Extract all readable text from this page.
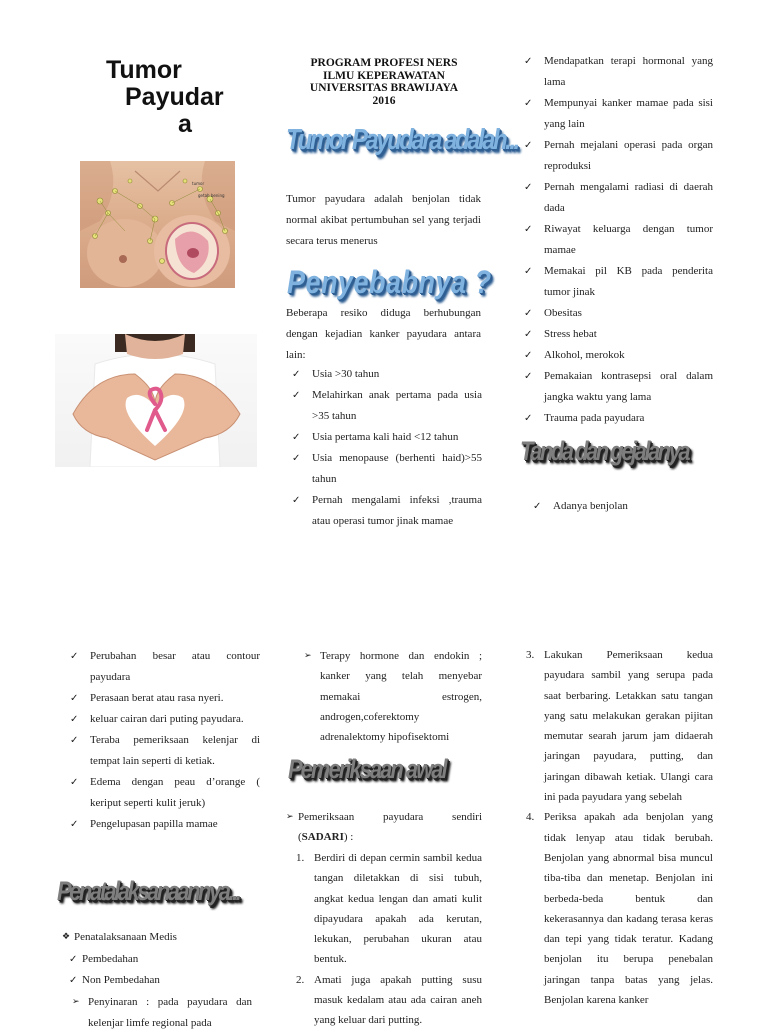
Tumor
Payudar
a
tumor
getah bening
PROGRAM PROFESI NERS
ILMU KEPERAWATAN
UNIVERSITAS BRAWIJAYA
2016
Tumor Payudara adalah...
Tumor payudara adalah benjolan tidak normal akibat pertumbuhan sel yang terjadi secara terus menerus
Penyebabnya ?
Beberapa resiko diduga berhubungan dengan kejadian kanker payudara antara lain:
✓ Usia >30 tahun
✓ Melahirkan anak pertama pada usia >35 tahun
✓ Usia pertama kali haid <12 tahun
✓ Usia menopause (berhenti haid)>55 tahun
✓ Pernah mengalami infeksi ,trauma atau operasi tumor jinak mamae
✓ Mendapatkan terapi hormonal yang lama
✓ Mempunyai kanker mamae pada sisi yang lain
✓ Pernah mejalani operasi pada organ reproduksi
✓ Pernah mengalami radiasi di daerah dada
✓ Riwayat keluarga dengan tumor mamae
✓ Memakai pil KB pada penderita tumor jinak
✓ Obesitas
✓ Stress hebat
✓ Alkohol, merokok
✓ Pemakaian kontrasepsi oral dalam jangka waktu yang lama
✓ Trauma pada payudara
Tanda dan gejalanya
✓ Adanya benjolan
✓ Perubahan besar atau contour payudara
✓ Perasaan berat atau rasa nyeri.
✓ keluar cairan dari puting payudara.
✓ Teraba pemeriksaan kelenjar di tempat lain seperti di ketiak.
✓ Edema dengan peau d’orange ( keriput seperti kulit jeruk)
✓ Pengelupasan papilla mamae
Penatalaksanaannya...
❖ Penatalaksanaan Medis
✓ Pembedahan
✓ Non Pembedahan
➢ Penyinaran : pada payudara dan kelenjar limfe regional pada
➢ Terapy hormone dan endokin ; kanker yang telah menyebar memakai estrogen, androgen,coferektomy adrenalektomy hipofisektomi
Pemeriksaan awal
➢ Pemeriksaan payudara sendiri (SADARI) :
1. Berdiri di depan cermin sambil kedua tangan diletakkan di sisi tubuh, angkat kedua lengan dan amati kulit dipayudara apakah ada kerutan, lekukan, perubahan ukuran atau bentuk.
2. Amati juga apakah putting susu masuk kedalam atau ada cairan aneh yang keluar dari putting.
3. Lakukan Pemeriksaan kedua payudara sambil yang serupa pada saat berbaring. Letakkan satu tangan yang satu melakukan gerakan pijitan memutar searah jarum jam didaerah jaringan payudara, putting, dan jaringan dibawah ketiak. Ulangi cara ini pada payudara yang sebelah
4. Periksa apakah ada benjolan yang tidak lenyap atau tidak berubah. Benjolan yang abnormal bisa muncul tiba-tiba dan menetap. Benjolan ini berbeda-beda bentuk dan kekerasannya dan kadang terasa keras dan tepi yang tidak teratur. Kadang benjolan itu berupa penebalan jaringan tanpa batas yang jelas. Benjolan karena kanker
